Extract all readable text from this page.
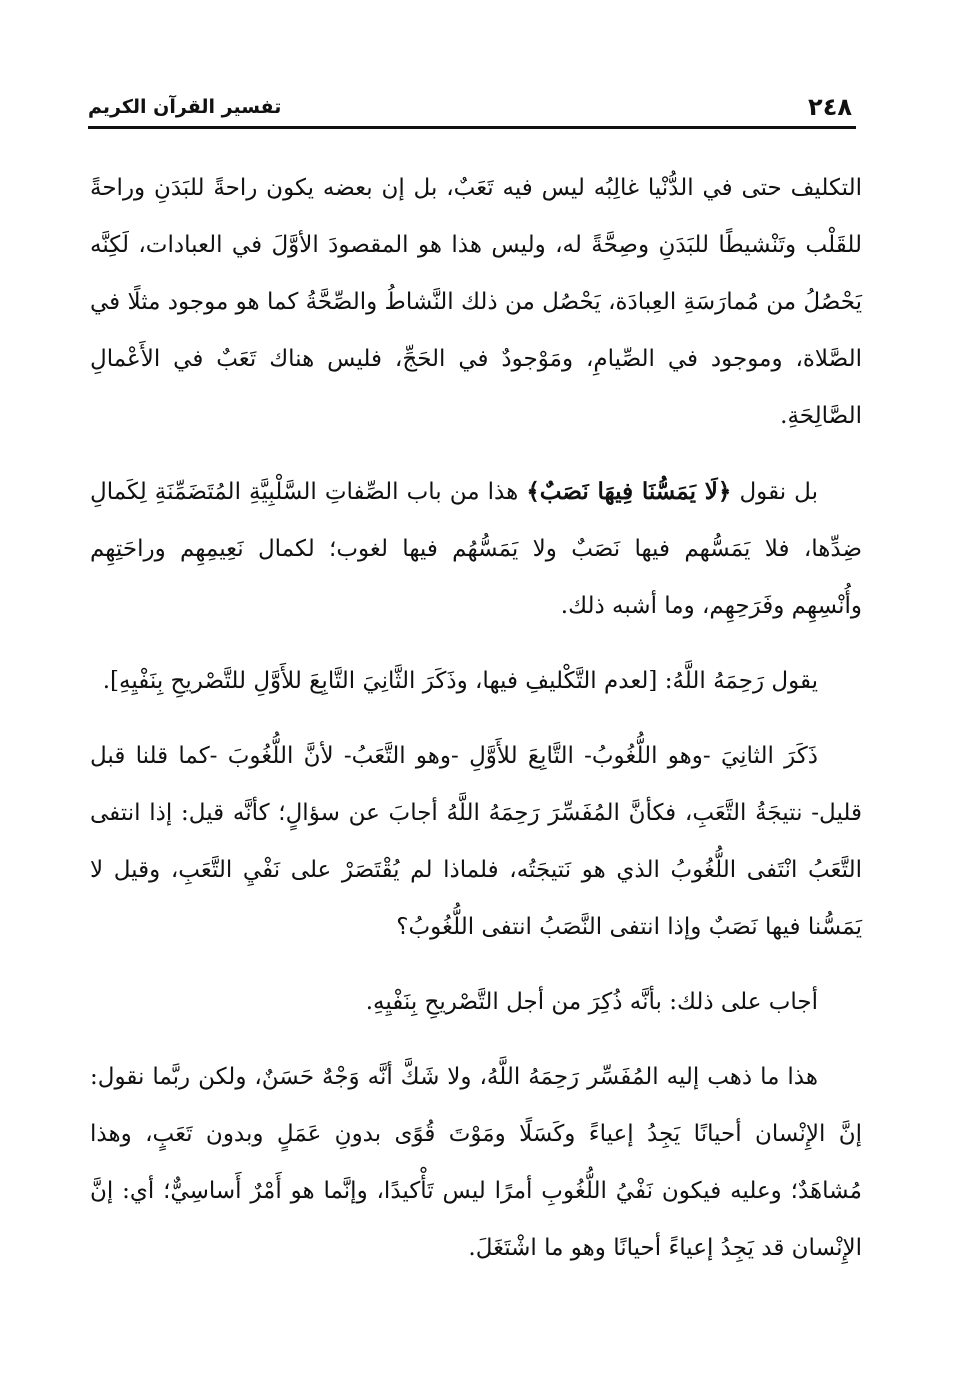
٢٤٨
تفسير القرآن الكريم

التكليف حتى في الدُّنْيا غالِبُه ليس فيه تَعَبٌ، بل إن بعضه يكون راحةً للبَدَنِ وراحةً للقَلْب وتَنْشيطًا للبَدَنِ وصِحَّةً له، وليس هذا هو المقصودَ الأوَّلَ في العبادات، لَكِنَّه يَحْصُلُ من مُمارَسَةِ العِبادَة، يَحْصُل من ذلك النَّشاطُ والصِّحَّةُ كما هو موجود مثلًا في الصَّلاة، وموجود في الصِّيامِ، ومَوْجودٌ في الحَجِّ، فليس هناك تَعَبٌ في الأَعْمالِ الصَّالِحَةِ.

بل نقول ﴿لَا يَمَسُّنَا فِيهَا نَصَبٌ﴾ هذا من باب الصِّفاتِ السَّلْبِيَّةِ المُتَضَمِّنَةِ لِكَمالِ ضِدِّها، فلا يَمَسُّهم فيها نَصَبٌ ولا يَمَسُّهُم فيها لغوب؛ لكمال نَعِيمِهِم وراحَتِهِم وأُنْسِهِم وفَرَحِهِم، وما أشبه ذلك.

يقول رَحِمَهُ اللَّهُ: [لعدم التَّكْليفِ فيها، وذَكَرَ الثَّانِيَ التَّابِعَ للأَوَّلِ للتَّصْريحِ بِنَفْيِهِ].

ذَكَرَ الثانِيَ -وهو اللُّغُوبُ- التَّابِعَ للأَوَّلِ -وهو التَّعَبُ- لأنَّ اللُّغُوبَ -كما قلنا قبل قليل- نتيجَةُ التَّعَبِ، فكأنَّ المُفَسِّرَ رَحِمَهُ اللَّهُ أجابَ عن سؤالٍ؛ كأنَّه قيل: إذا انتفى التَّعَبُ انْتَفى اللُّغُوبُ الذي هو نَتيجَتُه، فلماذا لم يُقْتَصَرْ على نَفْيِ التَّعَبِ، وقيل لا يَمَسُّنا فيها نَصَبٌ وإذا انتفى النَّصَبُ انتفى اللُّغُوبُ؟

أجاب على ذلك: بأنَّه ذُكِرَ من أجل التَّصْريحِ بِنَفْيِهِ.

هذا ما ذهب إليه المُفَسِّر رَحِمَهُ اللَّهُ، ولا شَكَّ أنَّه وَجْهٌ حَسَنٌ، ولكن ربَّما نقول: إنَّ الإِنْسان أحيانًا يَجِدُ إعياءً وكَسَلًا ومَوْتَ قُوًى بدونِ عَمَلٍ وبدون تَعَبٍ، وهذا مُشاهَدٌ؛ وعليه فيكون نَفْيُ اللُّغُوبِ أمرًا ليس تَأْكيدًا، وإنَّما هو أَمْرٌ أَساسِيٌّ؛ أي: إنَّ الإِنْسان قد يَجِدُ إعياءً أحيانًا وهو ما اشْتَغَلَ.
